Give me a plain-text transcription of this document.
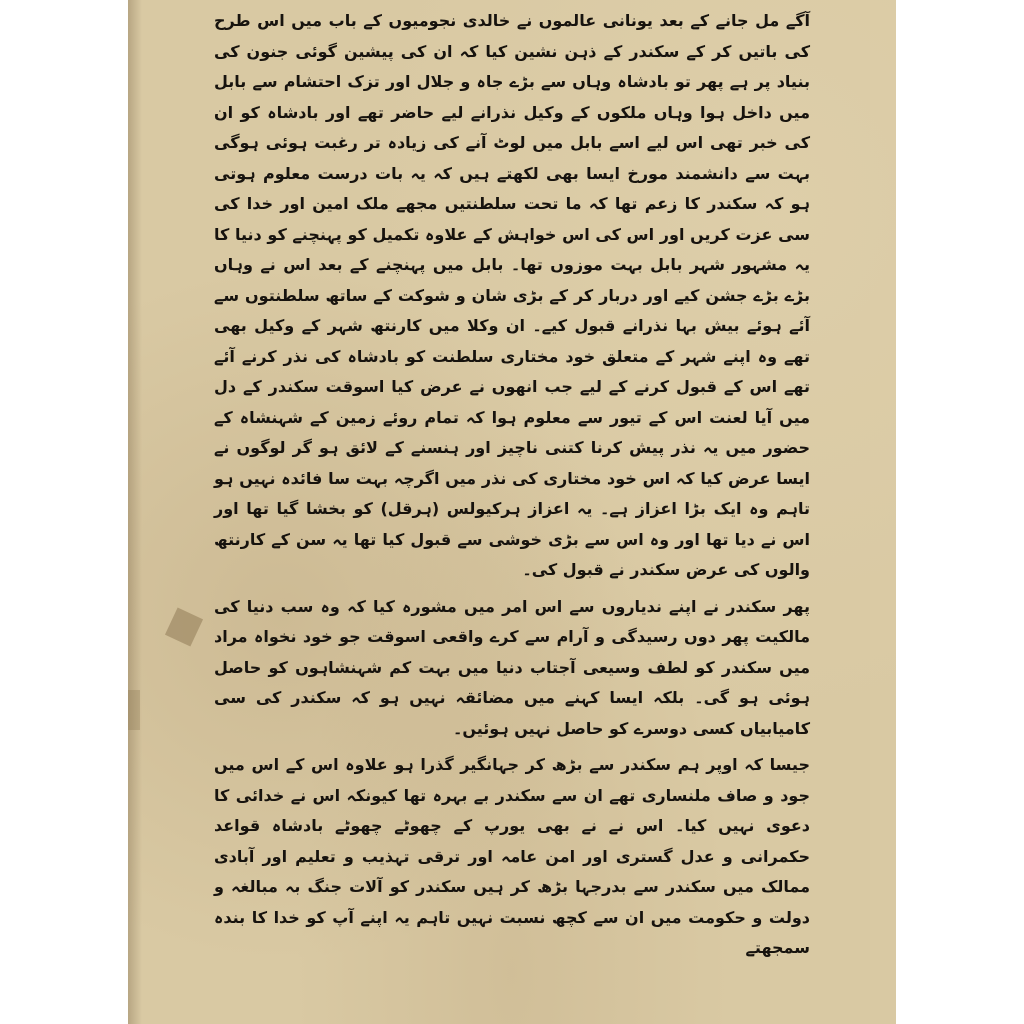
آگے مل جانے کے بعد یونانی عالموں نے خالدی نجومیوں کے باب میں اس طرح کی باتیں کر کے سکندر کے ذہن نشین کیا کہ ان کی پیشین گوئی جنون کی بنیاد پر ہے پھر تو بادشاہ وہاں سے بڑے جاہ و جلال اور تزک احتشام سے بابل میں داخل ہوا وہاں ملکوں کے وکیل نذرانے لیے حاضر تھے اور بادشاہ کو ان کی خبر تھی اس لیے اسے بابل میں لوٹ آنے کی زیادہ تر رغبت ہوئی ہوگی بہت سے دانشمند مورخ ایسا بھی لکھتے ہیں کہ یہ بات درست معلوم ہوتی ہو کہ سکندر کا زعم تھا کہ ما تحت سلطنتیں مجھے ملک امین اور خدا کی سی عزت کریں اور اس کی اس خواہش کے علاوہ تکمیل کو پہنچنے کو دنیا کا یہ مشہور شہر بابل بہت موزوں تھا۔ بابل میں پہنچنے کے بعد اس نے وہاں بڑے بڑے جشن کیے اور دربار کر کے بڑی شان و شوکت کے ساتھ سلطنتوں سے آئے ہوئے بیش بہا نذرانے قبول کیے۔ ان وکلا میں کارنتھ شہر کے وکیل بھی تھے وہ اپنے شہر کے متعلق خود مختاری سلطنت کو بادشاہ کی نذر کرنے آئے تھے اس کے قبول کرنے کے لیے جب انھوں نے عرض کیا اسوقت سکندر کے دل میں آیا لعنت اس کے تیور سے معلوم ہوا کہ تمام روئے زمین کے شہنشاہ کے حضور میں یہ نذر پیش کرنا کتنی ناچیز اور ہنسنے کے لائق ہو گر لوگوں نے ایسا عرض کیا کہ اس خود مختاری کی نذر میں اگرچہ بہت سا فائدہ نہیں ہو تاہم وہ ایک بڑا اعزاز ہے۔ یہ اعزاز ہرکیولس (ہرقل) کو بخشا گیا تھا اور اس نے دیا تھا اور وہ اس سے بڑی خوشی سے قبول کیا تھا یہ سن کے کارنتھ والوں کی عرض سکندر نے قبول کی۔

پھر سکندر نے اپنے ندیاروں سے اس امر میں مشورہ کیا کہ وہ سب دنیا کی مالکیت پھر دوں رسیدگی و آرام سے کرے واقعی اسوقت جو خود نخواہ مراد میں سکندر کو لطف وسیعی آجتاب دنیا میں بہت کم شہنشاہوں کو حاصل ہوئی ہو گی۔ بلکہ ایسا کہنے میں مضائقہ نہیں ہو کہ سکندر کی سی کامیابیاں کسی دوسرے کو حاصل نہیں ہوئیں۔

جیسا کہ اوپر ہم سکندر سے بڑھ کر جہانگیر گذرا ہو علاوہ اس کے اس میں جود و صاف ملنساری تھے ان سے سکندر بے بہرہ تھا کیونکہ اس نے خدائی کا دعوی نہیں کیا۔ اس نے نے بھی یورپ کے چھوٹے چھوٹے بادشاہ قواعد حکمرانی و عدل گستری اور امن عامہ اور ترقی تہذیب و تعلیم اور آبادی ممالک میں سکندر سے بدرجہا بڑھ کر ہیں سکندر کو آلات جنگ بہ مبالغہ و دولت و حکومت میں ان سے کچھ نسبت نہیں تاہم یہ اپنے آپ کو خدا کا بندہ سمجھتے
